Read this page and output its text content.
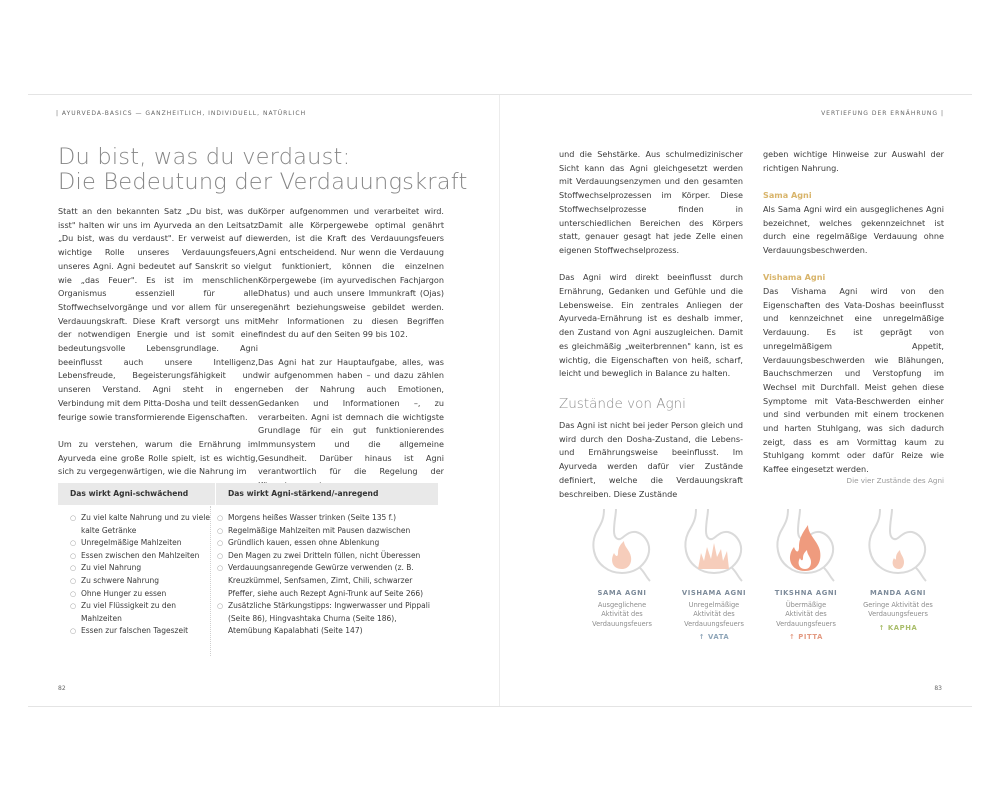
| AYURVEDA-BASICS — GANZHEITLICH, INDIVIDUELL, NATÜRLICH	VERTIEFUNG DER ERNÄHRUNG |
Du bist, was du verdaust:
Die Bedeutung der Verdauungskraft

Statt an den bekannten Satz „Du bist, was du isst" halten wir uns im Ayurveda an den Leitsatz „Du bist, was du verdaust". Er verweist auf die wichtige Rolle unseres Verdauungsfeuers, unseres Agni. Agni bedeutet auf Sanskrit so viel wie „das Feuer". Es ist im menschlichen Organismus essenziell für alle Stoffwechselvorgänge und vor allem für unsere Verdauungskraft. Diese Kraft versorgt uns mit der notwendigen Energie und ist somit eine bedeutungsvolle Lebensgrundlage. Agni beeinflusst auch unsere Intelligenz, Lebensfreude, Begeisterungsfähigkeit und unseren Verstand. Agni steht in enger Verbindung mit dem Pitta-Dosha und teilt dessen feurige sowie transformierende Eigenschaften.

Um zu verstehen, warum die Ernährung im Ayurveda eine große Rolle spielt, ist es wichtig, sich zu vergegenwärtigen, wie die Nahrung im

Körper aufgenommen und verarbeitet wird. Damit alle Körpergewebe optimal genährt werden, ist die Kraft des Verdauungsfeuers Agni entscheidend. Nur wenn die Verdauung gut funktioniert, können die einzelnen Körpergewebe (im ayurvedischen Fachjargon Dhatus) und auch unsere Immunkraft (Ojas) genährt beziehungsweise gebildet werden. Mehr Informationen zu diesen Begriffen findest du auf den Seiten 99 bis 102.

Das Agni hat zur Hauptaufgabe, alles, was wir aufgenommen haben – und dazu zählen neben der Nahrung auch Emotionen, Gedanken und Informationen –, zu verarbeiten. Agni ist demnach die wichtigste Grundlage für ein gut funktionierendes Immunsystem und die allgemeine Gesundheit. Darüber hinaus ist Agni verantwortlich für die Regelung der

Das wirkt Agni-schwächend	Das wirkt Agni-stärkend/-anregend
○ Zu viel kalte Nahrung und zu viele kalte Getränke
○ Unregelmäßige Mahlzeiten
○ Essen zwischen den Mahlzeiten
○ Zu viel Nahrung
○ Zu schwere Nahrung
○ Ohne Hunger zu essen
○ Zu viel Flüssigkeit zu den Mahlzeiten
○ Essen zur falschen Tageszeit
○ Morgens heißes Wasser trinken (Seite 135 f.)
○ Regelmäßige Mahlzeiten mit Pausen dazwischen
○ Gründlich kauen, essen ohne Ablenkung
○ Den Magen zu zwei Dritteln füllen, nicht Überessen
○ Verdauungsanregende Gewürze verwenden (z. B. Kreuzkümmel, Senfsamen, Zimt, Chili, schwarzer Pfeffer, siehe auch Rezept Agni-Trunk auf Seite 266)
○ Zusätzliche Stärkungstipps: Ingwerwasser und Pippali (Seite 86), Hingvashtaka Churna (Seite 186), Atemübung Kapalabhati (Seite 147)

und die Sehstärke. Aus schulmedizinischer Sicht kann das Agni gleichgesetzt werden mit Verdauungsenzymen und den gesamten Stoffwechselprozessen im Körper. Diese Stoffwechselprozesse finden in unterschiedlichen Bereichen des Körpers statt, genauer gesagt hat jede Zelle einen eigenen Stoffwechselprozess.

Das Agni wird direkt beeinflusst durch Ernährung, Gedanken und Gefühle und die Lebensweise. Ein zentrales Anliegen der Ayurveda-Ernährung ist es deshalb immer, den Zustand von Agni auszugleichen. Damit es gleichmäßig „weiterbrennen" kann, ist es wichtig, die Eigenschaften von heiß, scharf, leicht und beweglich in Balance zu halten.

Zustände von Agni

Das Agni ist nicht bei jeder Person gleich und wird durch den Dosha-Zustand, die Lebens- und Ernährungsweise beeinflusst. Im Ayurveda werden dafür vier Zustände definiert, welche die Verdauungskraft beschreiben. Diese Zustände

geben wichtige Hinweise zur Auswahl der richtigen Nahrung.

Sama Agni

Als Sama Agni wird ein ausgeglichenes Agni bezeichnet, welches gekennzeichnet ist durch eine regelmäßige Verdauung ohne Verdauungsbeschwerden.

Vishama Agni

Das Vishama Agni wird von den Eigenschaften des Vata-Doshas beeinflusst und kennzeichnet eine unregelmäßige Verdauung. Es ist geprägt von unregelmäßigem Appetit, Verdauungsbeschwerden wie Blähungen, Bauchschmerzen und Verstopfung im Wechsel mit Durchfall. Meist gehen diese Symptome mit Vata-Beschwerden einher und sind verbunden mit einem trockenen und harten Stuhlgang, was sich dadurch zeigt, dass es am Vormittag kaum zu Stuhlgang kommt oder dafür Reize wie Kaffee eingesetzt werden.

Die vier Zustände des Agni
SAMA AGNI
Ausgeglichene Aktivität des Verdauungsfeuers
VISHAMA AGNI
Unregelmäßige Aktivität des Verdauungsfeuers
↑ VATA
TIKSHNA AGNI
Übermäßige Aktivität des Verdauungsfeuers
↑ PITTA
MANDA AGNI
Geringe Aktivität des Verdauungsfeuers
↑ KAPHA
82	83
